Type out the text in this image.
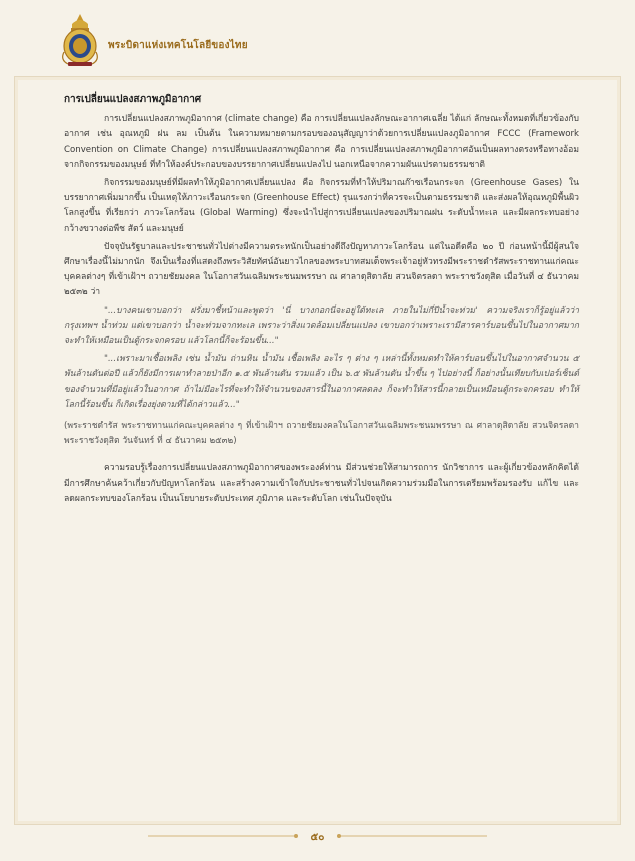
พระบิดาแห่งเทคโนโลยีของไทย
การเปลี่ยนแปลงสภาพภูมิอากาศ

การเปลี่ยนแปลงสภาพภูมิอากาศ (climate change) คือ การเปลี่ยนแปลงลักษณะอากาศเฉลี่ย ได้แก่ ลักษณะทั้งหมดที่เกี่ยวข้องกับอากาศ เช่น อุณหภูมิ ฝน ลม เป็นต้น ในความหมายตามกรอบของอนุสัญญาว่าด้วยการเปลี่ยนแปลงภูมิอากาศ FCCC (Framework Convention on Climate Change) การเปลี่ยนแปลงสภาพภูมิอากาศ คือ การเปลี่ยนแปลงสภาพภูมิอากาศอันเป็นผลทางตรงหรือทางอ้อมจากกิจกรรมของมนุษย์ ที่ทำให้องค์ประกอบของบรรยากาศเปลี่ยนแปลงไป นอกเหนือจากความผันแปรตามธรรมชาติ

กิจกรรมของมนุษย์ที่มีผลทำให้ภูมิอากาศเปลี่ยนแปลง คือ กิจกรรมที่ทำให้ปริมาณก๊าซเรือนกระจก (Greenhouse Gases) ในบรรยากาศเพิ่มมากขึ้น เป็นเหตุให้ภาวะเรือนกระจก (Greenhouse Effect) รุนแรงกว่าที่ควรจะเป็นตามธรรมชาติ และส่งผลให้อุณหภูมิพื้นผิวโลกสูงขึ้น ที่เรียกว่า ภาวะโลกร้อน (Global Warming) ซึ่งจะนำไปสู่การเปลี่ยนแปลงของปริมาณฝน ระดับน้ำทะเล และมีผลกระทบอย่างกว้างขวางต่อพืช สัตว์ และมนุษย์

ปัจจุบันรัฐบาลและประชาชนทั่วไปต่างมีความตระหนักเป็นอย่างดีถึงปัญหาภาวะโลกร้อน แต่ในอดีตคือ ๒๐ ปี ก่อนหน้านี้มีผู้สนใจศึกษาเรื่องนี้ไม่มากนัก จึงเป็นเรื่องที่แสดงถึงพระวิสัยทัศน์อันยาวไกลของพระบาทสมเด็จพระเจ้าอยู่หัวทรงมีพระราชดำรัสพระราชทานแก่คณะบุคคลต่างๆ ที่เข้าเฝ้าฯ ถวายชัยมงคล ในโอกาสวันเฉลิมพระชนมพรรษา ณ ศาลาดุสิดาลัย สวนจิตรลดา พระราชวังดุสิต เมื่อวันที่ ๔ ธันวาคม ๒๕๓๒ ว่า

"...บางคนเขาบอกว่า ฝรั่งมาชี้หน้าและพูดว่า 'นี่ บางกอกนี่จะอยู่ใต้ทะเล ภายในไม่กี่ปีน้ำจะท่วม' ความจริงเราก็รู้อยู่แล้วว่า กรุงเทพฯ น้ำท่วม แต่เขาบอกว่า น้ำจะท่วมจากทะเล เพราะว่าสิ่งแวดล้อมเปลี่ยนแปลง เขาบอกว่าเพราะเรามีสารคาร์บอนขึ้นไปในอากาศมาก จะทำให้เหมือนเป็นตู้กระจกครอบ แล้วโลกนี้ก็จะร้อนขึ้น..."

"...เพราะมาเชื้อเพลิง เช่น น้ำมัน ถ่านหิน น้ำมัน เชื้อเพลิง อะไร ๆ ต่าง ๆ เหล่านี้ทั้งหมดทำให้คาร์บอนขึ้นไปในอากาศจำนวน ๕ พันล้านตันต่อปี แล้วก็ยังมีการเผาทำลายป่าอีก ๑.๕ พันล้านตัน รวมแล้ว เป็น ๖.๕ พันล้านตัน น้ำขึ้น ๆ ไปอย่างนี้ ก็อย่างนั้นเทียบกับเปอร์เซ็นต์ ของจำนวนที่มีอยู่แล้วในอากาศ ถ้าไม่มีอะไรที่จะทำให้จำนวนของสารนี้ในอากาศลดลง ก็จะทำให้สารนี้กลายเป็นเหมือนตู้กระจกครอบ ทำให้โลกนี้ร้อนขึ้น ก็เกิดเรื่องยุ่งตามที่ได้กล่าวแล้ว..."

(พระราชดำรัส พระราชทานแก่คณะบุคคลต่าง ๆ ที่เข้าเฝ้าฯ ถวายชัยมงคลในโอกาสวันเฉลิมพระชนมพรรษา ณ ศาลาดุสิดาลัย สวนจิตรลดา พระราชวังดุสิต วันจันทร์ ที่ ๔ ธันวาคม ๒๕๓๒)

ความรอบรู้เรื่องการเปลี่ยนแปลงสภาพภูมิอากาศของพระองค์ท่าน มีส่วนช่วยให้สามารถการ นักวิชาการ และผู้เกี่ยวข้องหลักคิดได้มีการศึกษาค้นคว้าเกี่ยวกับปัญหาโลกร้อน และสร้างความเข้าใจกับประชาชนทั่วไปจนเกิดความร่วมมือในการเตรียมพร้อมรองรับ แก้ไข และลดผลกระทบของโลกร้อน เป็นนโยบายระดับประเทศ ภูมิภาค และระดับโลก เช่นในปัจจุบัน

๕๐
